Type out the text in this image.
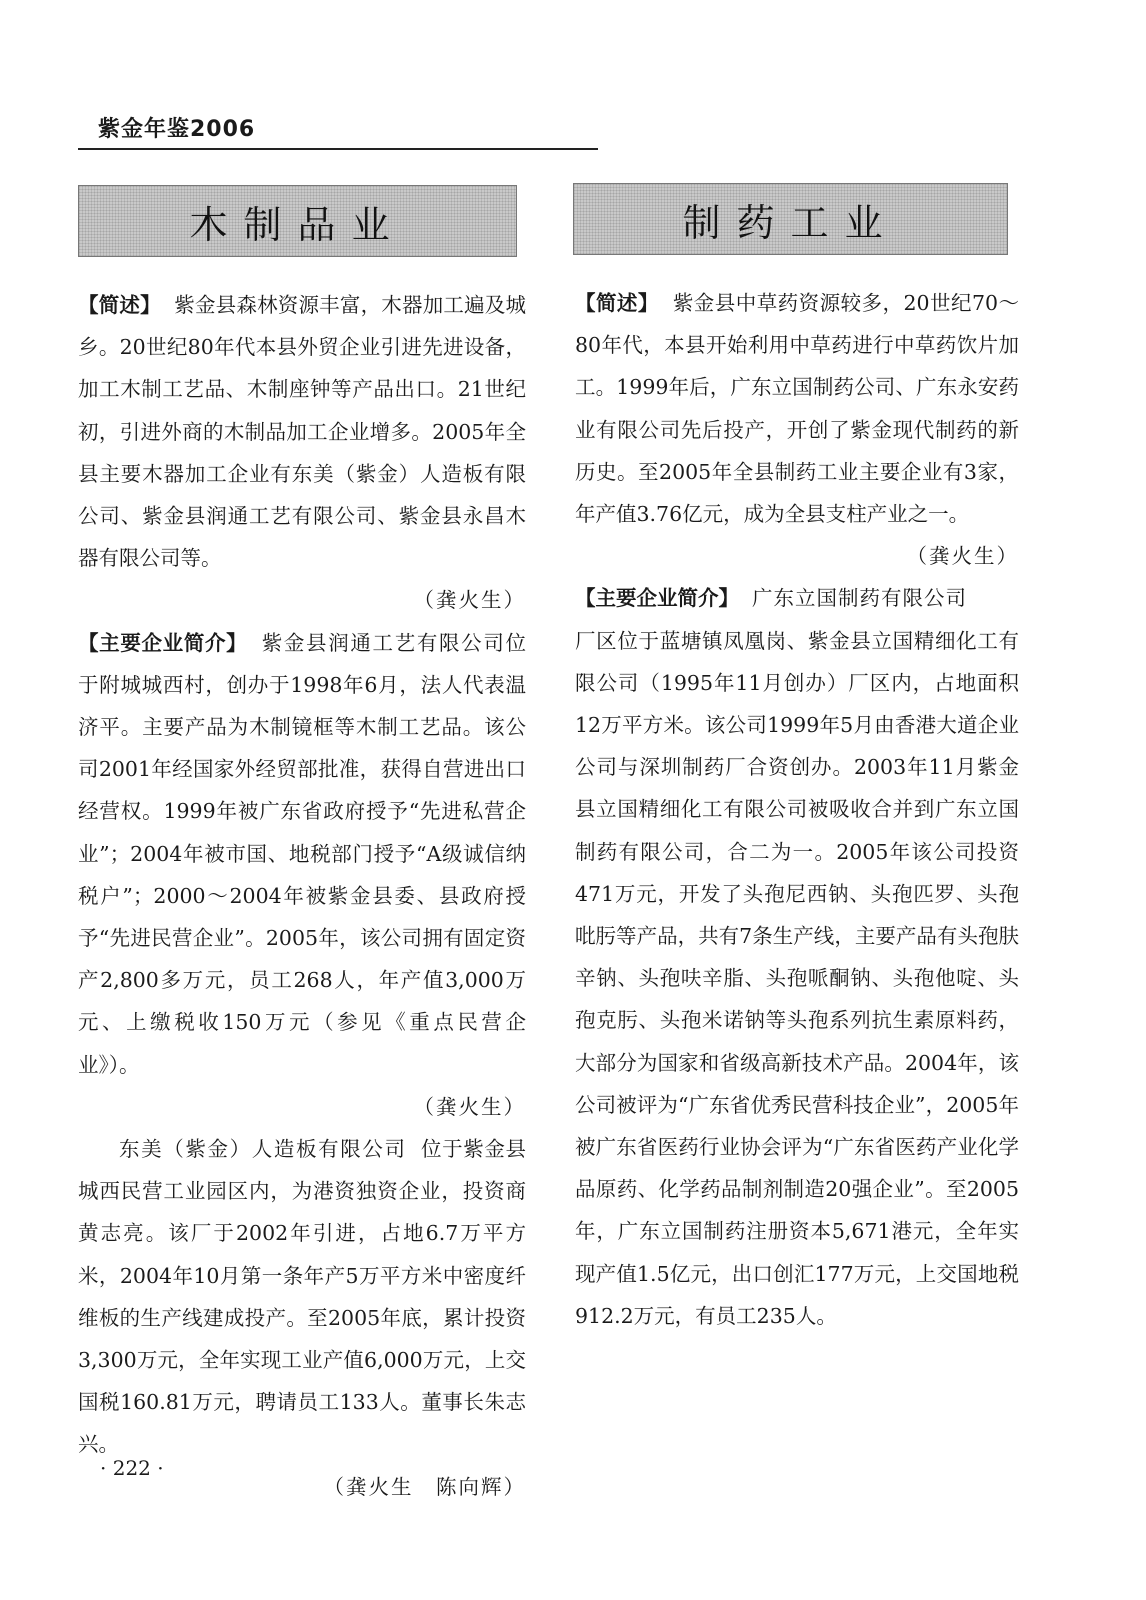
紫金年鉴2006
木制品业

【简述】 紫金县森林资源丰富，木器加工遍及城乡。20世纪80年代本县外贸企业引进先进设备，加工木制工艺品、木制座钟等产品出口。21世纪初，引进外商的木制品加工企业增多。2005年全县主要木器加工企业有东美（紫金）人造板有限公司、紫金县润通工艺有限公司、紫金县永昌木器有限公司等。

（龚火生）

【主要企业简介】 紫金县润通工艺有限公司位于附城城西村，创办于1998年6月，法人代表温济平。主要产品为木制镜框等木制工艺品。该公司2001年经国家外经贸部批准，获得自营进出口经营权。1999年被广东省政府授予“先进私营企业”；2004年被市国、地税部门授予“A级诚信纳税户”；2000～2004年被紫金县委、县政府授予“先进民营企业”。2005年，该公司拥有固定资产2,800多万元，员工268人，年产值3,000万元、上缴税收150万元（参见《重点民营企业》）。

（龚火生）

东美（紫金）人造板有限公司 位于紫金县城西民营工业园区内，为港资独资企业，投资商黄志亮。该厂于2002年引进，占地6.7万平方米，2004年10月第一条年产5万平方米中密度纤维板的生产线建成投产。至2005年底，累计投资3,300万元，全年实现工业产值6,000万元，上交国税160.81万元，聘请员工133人。董事长朱志兴。

（龚火生　陈向辉）

制药工业

【简述】 紫金县中草药资源较多，20世纪70～80年代，本县开始利用中草药进行中草药饮片加工。1999年后，广东立国制药公司、广东永安药业有限公司先后投产，开创了紫金现代制药的新历史。至2005年全县制药工业主要企业有3家，年产值3.76亿元，成为全县支柱产业之一。

（龚火生）

【主要企业简介】 广东立国制药有限公司
厂区位于蓝塘镇凤凰岗、紫金县立国精细化工有限公司（1995年11月创办）厂区内，占地面积12万平方米。该公司1999年5月由香港大道企业公司与深圳制药厂合资创办。2003年11月紫金县立国精细化工有限公司被吸收合并到广东立国制药有限公司，合二为一。2005年该公司投资471万元，开发了头孢尼西钠、头孢匹罗、头孢吡肟等产品，共有7条生产线，主要产品有头孢肤辛钠、头孢呋辛脂、头孢哌酮钠、头孢他啶、头孢克肟、头孢米诺钠等头孢系列抗生素原料药，大部分为国家和省级高新技术产品。2004年，该公司被评为“广东省优秀民营科技企业”，2005年被广东省医药行业协会评为“广东省医药产业化学品原药、化学药品制剂制造20强企业”。至2005年，广东立国制药注册资本5,671港元，全年实现产值1.5亿元，出口创汇177万元，上交国地税912.2万元，有员工235人。

· 222 ·
